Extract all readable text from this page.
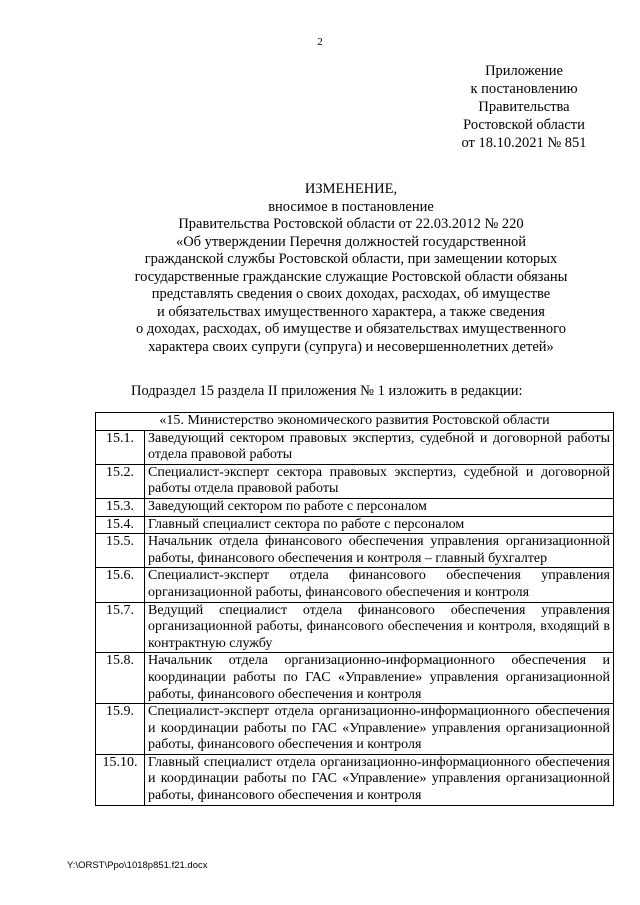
2
Приложение
к постановлению
Правительства
Ростовской области
от 18.10.2021 № 851
ИЗМЕНЕНИЕ,
вносимое в постановление
Правительства Ростовской области от 22.03.2012 № 220
«Об утверждении Перечня должностей государственной
гражданской службы Ростовской области, при замещении которых
государственные гражданские служащие Ростовской области обязаны
представлять сведения о своих доходах, расходах, об имуществе
и обязательствах имущественного характера, а также сведения
о доходах, расходах, об имуществе и обязательствах имущественного
характера своих супруги (супруга) и несовершеннолетних детей»
Подраздел 15 раздела II приложения № 1 изложить в редакции:
«15. Министерство экономического развития Ростовской области	
15.1.	Заведующий сектором правовых экспертиз, судебной и договорной работы отдела правовой работы
15.2.	Специалист-эксперт сектора правовых экспертиз, судебной и договорной работы отдела правовой работы
15.3.	Заведующий сектором по работе с персоналом
15.4.	Главный специалист сектора по работе с персоналом
15.5.	Начальник отдела финансового обеспечения управления организационной работы, финансового обеспечения и контроля – главный бухгалтер
15.6.	Специалист-эксперт отдела финансового обеспечения управления организационной работы, финансового обеспечения и контроля
15.7.	Ведущий специалист отдела финансового обеспечения управления организационной работы, финансового обеспечения и контроля, входящий в контрактную службу
15.8.	Начальник отдела организационно-информационного обеспечения и координации работы по ГАС «Управление» управления организационной работы, финансового обеспечения и контроля
15.9.	Специалист-эксперт отдела организационно-информационного обеспечения и координации работы по ГАС «Управление» управления организационной работы, финансового обеспечения и контроля
15.10.	Главный специалист отдела организационно-информационного обеспечения и координации работы по ГАС «Управление» управления организационной работы, финансового обеспечения и контроля
Y:\ORST\Ppo\1018p851.f21.docx
